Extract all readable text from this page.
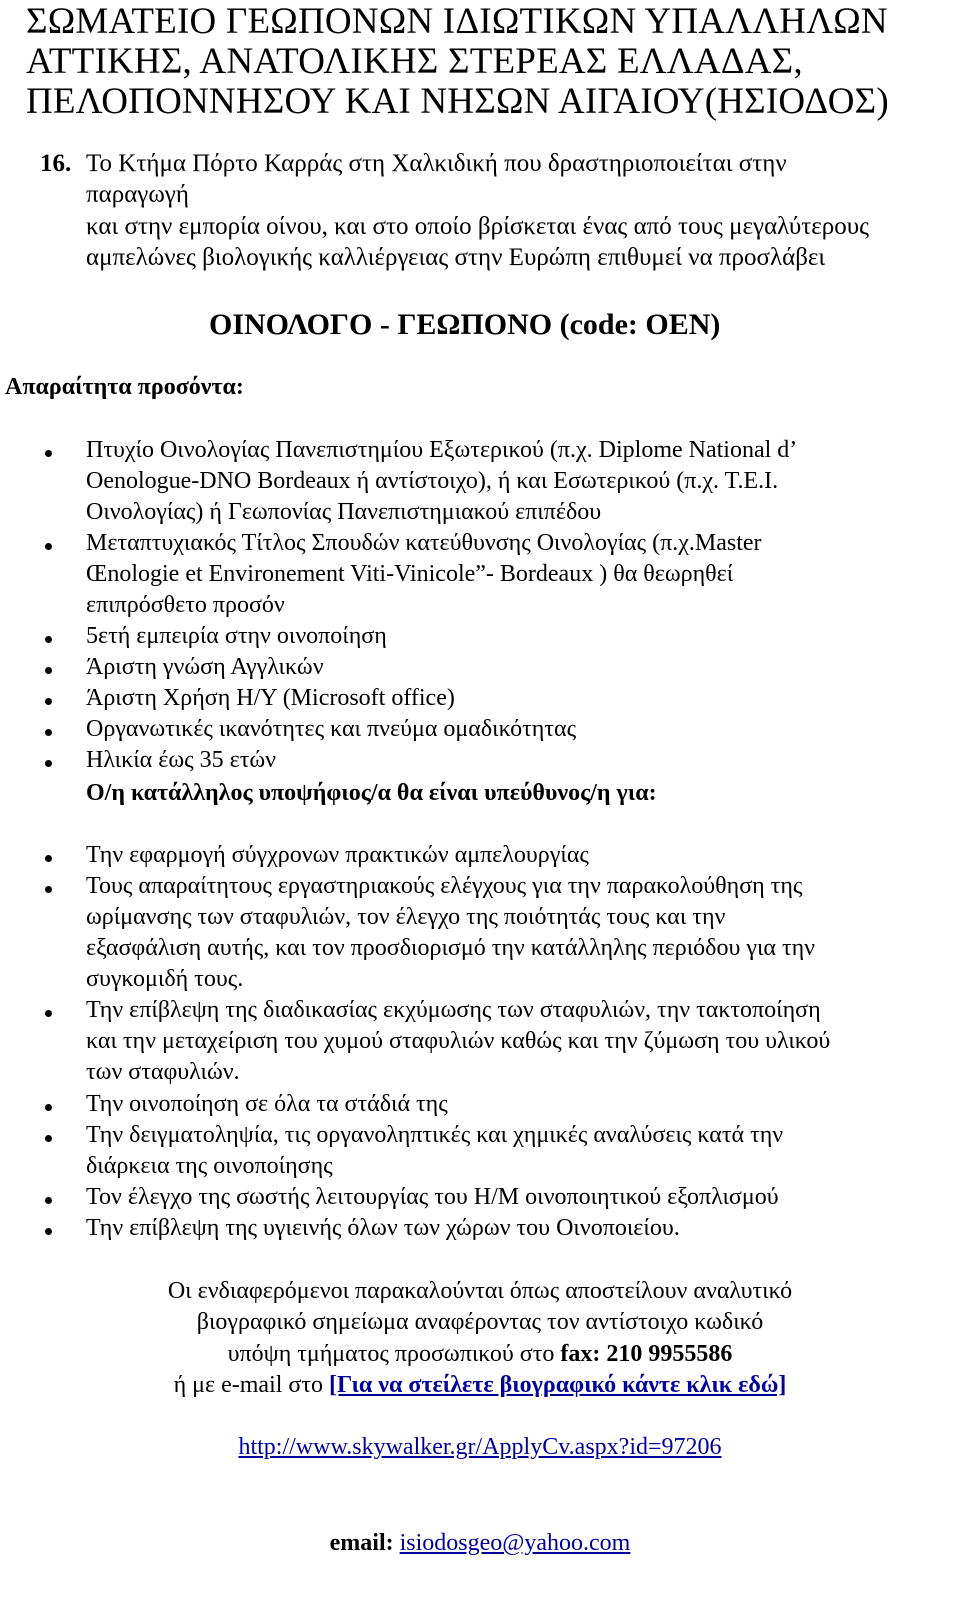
ΣΩΜΑΤΕΙΟ ΓΕΩΠΟΝΩΝ ΙΔΙΩΤΙΚΩΝ ΥΠΑΛΛΗΛΩΝ
ΑΤΤΙΚΗΣ, ΑΝΑΤΟΛΙΚΗΣ ΣΤΕΡΕΑΣ ΕΛΛΑΔΑΣ,
ΠΕΛΟΠΟΝΝΗΣΟΥ ΚΑΙ ΝΗΣΩΝ ΑΙΓΑΙΟΥ(ΗΣΙΟΔΟΣ)
16. Το Κτήμα Πόρτο Καρράς στη Χαλκιδική που δραστηριοποιείται στην
παραγωγή
και στην εμπορία οίνου, και στο οποίο βρίσκεται ένας από τους μεγαλύτερους
αμπελώνες βιολογικής καλλιέργειας στην Ευρώπη επιθυμεί να προσλάβει
ΟΙΝΟΛΟΓΟ - ΓΕΩΠΟΝΟ (code: OEN)
Απαραίτητα προσόντα:
Πτυχίο Οινολογίας Πανεπιστημίου Εξωτερικού (π.χ. Diplome National d’
Oenologue-DNO Bordeaux ή αντίστοιχο), ή και Εσωτερικού (π.χ. Τ.Ε.Ι.
Οινολογίας) ή Γεωπονίας Πανεπιστημιακού επιπέδου
Μεταπτυχιακός Τίτλος Σπουδών κατεύθυνσης Οινολογίας (π.χ.Master
Œnologie et Environement Viti-Vinicole”- Bordeaux ) θα θεωρηθεί
επιπρόσθετο προσόν
5ετή εμπειρία στην οινοποίηση
Άριστη γνώση Αγγλικών
Άριστη Χρήση Η/Υ (Microsoft office)
Οργανωτικές ικανότητες και πνεύμα ομαδικότητας
Ηλικία έως 35 ετών
Ο/η κατάλληλος υποψήφιος/α θα είναι υπεύθυνος/η για:
Την εφαρμογή σύγχρονων πρακτικών αμπελουργίας
Τους απαραίτητους εργαστηριακούς ελέγχους για την παρακολούθηση της
ωρίμανσης των σταφυλιών, τον έλεγχο της ποιότητάς τους και την
εξασφάλιση αυτής, και τον προσδιορισμό την κατάλληλης περιόδου για την
συγκομιδή τους.
Την επίβλεψη της διαδικασίας εκχύμωσης των σταφυλιών, την τακτοποίηση
και την μεταχείριση του χυμού σταφυλιών καθώς και την ζύμωση του υλικού
των σταφυλιών.
Την οινοποίηση σε όλα τα στάδιά της
Την δειγματοληψία, τις οργανοληπτικές και χημικές αναλύσεις κατά την
διάρκεια της οινοποίησης
Τον έλεγχο της σωστής λειτουργίας του Η/Μ οινοποιητικού εξοπλισμού
Την επίβλεψη της υγιεινής όλων των χώρων του Οινοποιείου.
Οι ενδιαφερόμενοι παρακαλούνται όπως αποστείλουν αναλυτικό
βιογραφικό σημείωμα αναφέροντας τον αντίστοιχο κωδικό
υπόψη τμήματος προσωπικού στο fax: 210 9955586
ή με e-mail στο [Για να στείλετε βιογραφικό κάντε κλικ εδώ]
http://www.skywalker.gr/ApplyCv.aspx?id=97206
email: isiodosgeo@yahoo.com
